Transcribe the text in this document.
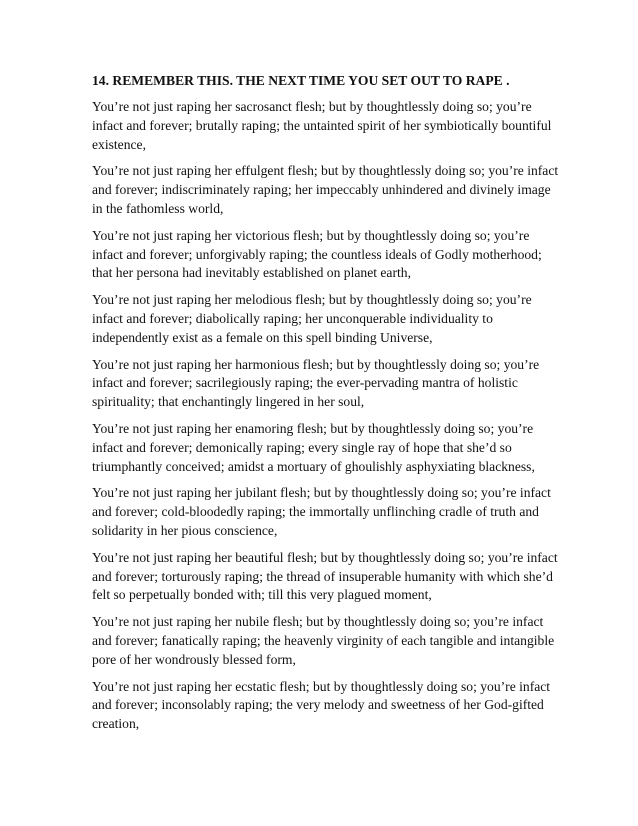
14. REMEMBER THIS. THE NEXT TIME YOU SET OUT TO RAPE .
You’re not just raping her sacrosanct flesh; but by thoughtlessly doing so; you’re
infact and forever; brutally raping; the untainted spirit of her symbiotically bountiful
existence,
You’re not just raping her effulgent flesh; but by thoughtlessly doing so; you’re infact
and forever; indiscriminately raping; her impeccably unhindered and divinely image
in the fathomless world,
You’re not just raping her victorious flesh; but by thoughtlessly doing so; you’re
infact and forever; unforgivably raping; the countless ideals of Godly motherhood;
that her persona had inevitably established on planet earth,
You’re not just raping her melodious flesh; but by thoughtlessly doing so; you’re
infact and forever; diabolically raping; her unconquerable individuality to
independently exist as a female on this spell binding Universe,
You’re not just raping her harmonious flesh; but by thoughtlessly doing so; you’re
infact and forever; sacrilegiously raping; the ever-pervading mantra of holistic
spirituality; that enchantingly lingered in her soul,
You’re not just raping her enamoring flesh; but by thoughtlessly doing so; you’re
infact and forever; demonically raping; every single ray of hope that she’d so
triumphantly conceived; amidst a mortuary of ghoulishly asphyxiating blackness,
You’re not just raping her jubilant flesh; but by thoughtlessly doing so; you’re infact
and forever; cold-bloodedly raping; the immortally unflinching cradle of truth and
solidarity in her pious conscience,
You’re not just raping her beautiful flesh; but by thoughtlessly doing so; you’re infact
and forever; torturously raping; the thread of insuperable humanity with which she’d
felt so perpetually bonded with; till this very plagued moment,
You’re not just raping her nubile flesh; but by thoughtlessly doing so; you’re infact
and forever; fanatically raping; the heavenly virginity of each tangible and intangible
pore of her wondrously blessed form,
You’re not just raping her ecstatic flesh; but by thoughtlessly doing so; you’re infact
and forever; inconsolably raping; the very melody and sweetness of her God-gifted
creation,
